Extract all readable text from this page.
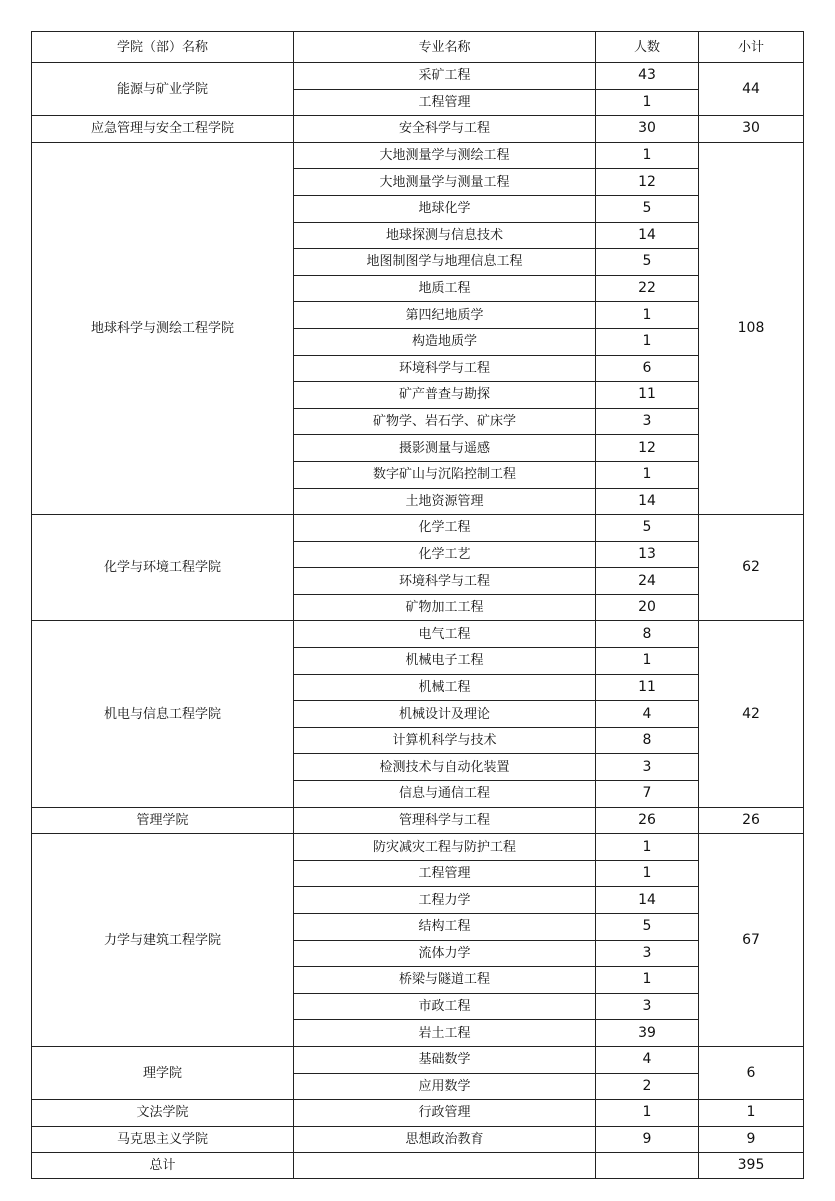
学院（部）名称	专业名称	人数	小计
能源与矿业学院	采矿工程	43	44
	工程管理	1	
应急管理与安全工程学院	安全科学与工程	30	30
地球科学与测绘工程学院	大地测量学与测绘工程	1	108
	大地测量学与测量工程	12	
	地球化学	5	
	地球探测与信息技术	14	
	地图制图学与地理信息工程	5	
	地质工程	22	
	第四纪地质学	1	
	构造地质学	1	
	环境科学与工程	6	
	矿产普查与勘探	11	
	矿物学、岩石学、矿床学	3	
	摄影测量与遥感	12	
	数字矿山与沉陷控制工程	1	
	土地资源管理	14	
化学与环境工程学院	化学工程	5	62
	化学工艺	13	
	环境科学与工程	24	
	矿物加工工程	20	
机电与信息工程学院	电气工程	8	42
	机械电子工程	1	
	机械工程	11	
	机械设计及理论	4	
	计算机科学与技术	8	
	检测技术与自动化装置	3	
	信息与通信工程	7	
管理学院	管理科学与工程	26	26
力学与建筑工程学院	防灾减灾工程与防护工程	1	67
	工程管理	1	
	工程力学	14	
	结构工程	5	
	流体力学	3	
	桥梁与隧道工程	1	
	市政工程	3	
	岩土工程	39	
理学院	基础数学	4	6
	应用数学	2	
文法学院	行政管理	1	1
马克思主义学院	思想政治教育	9	9
总计			395
